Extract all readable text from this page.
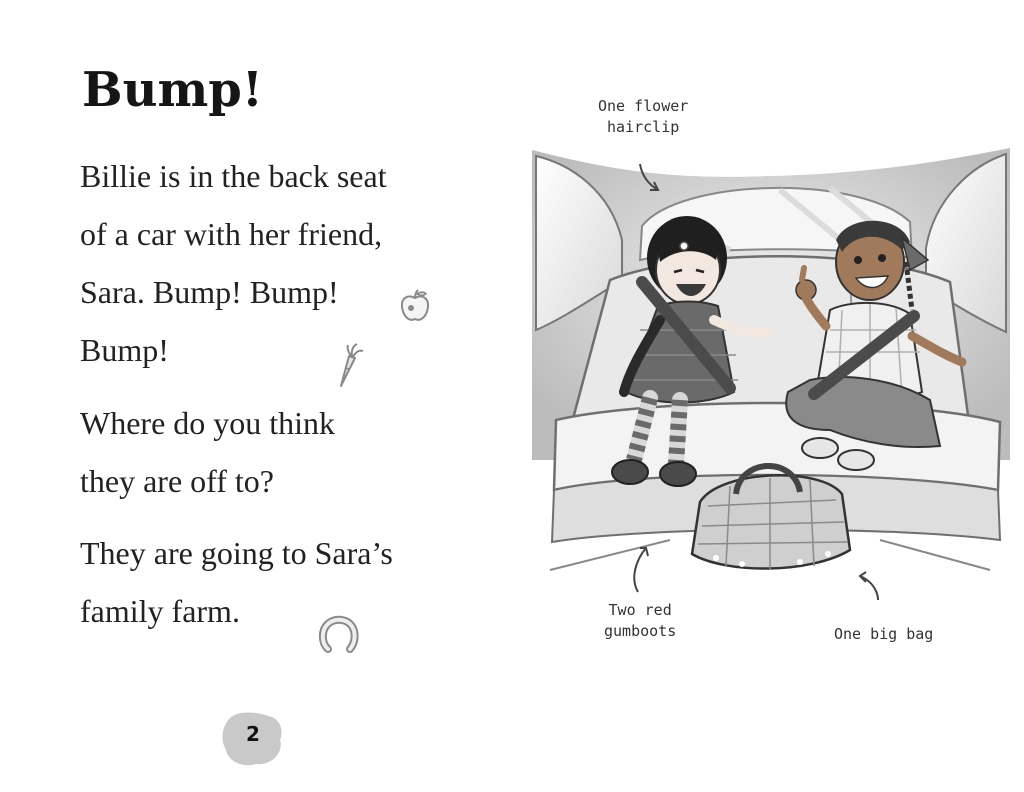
Bump!
Billie is in the back seat
of a car with her friend,
Sara. Bump! Bump!
Bump!
Where do you think
they are off to?
They are going to Sara’s
family farm.
2
One flower
hairclip
Two red
gumboots	One big bag
